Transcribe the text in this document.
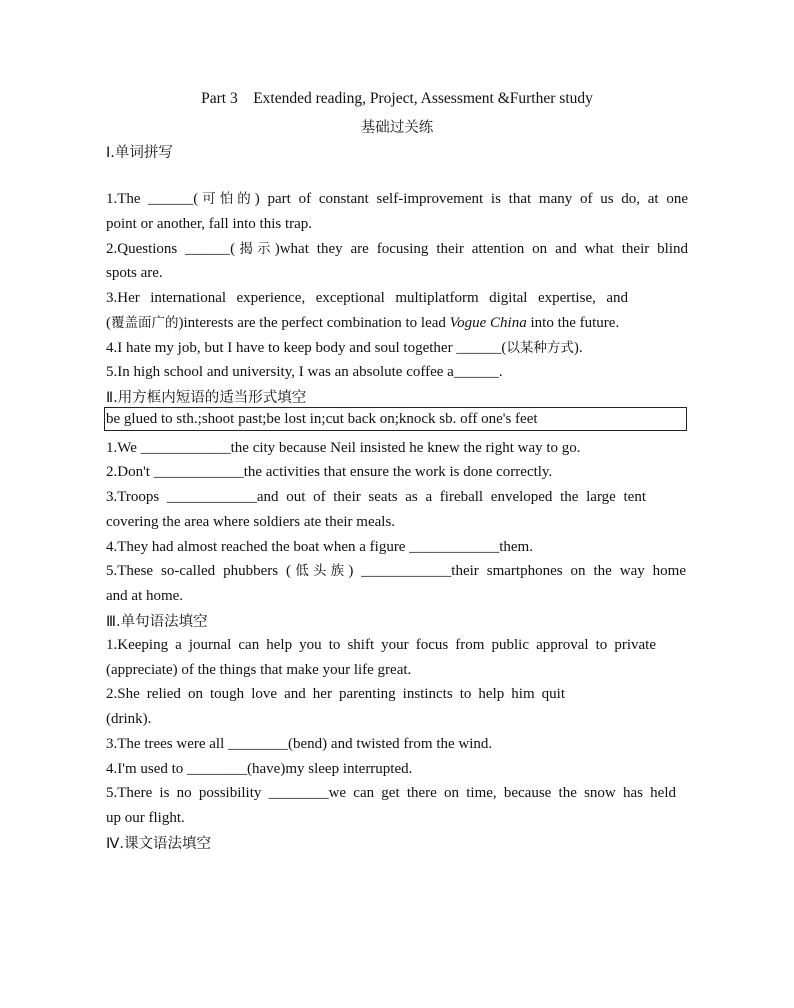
Part 3    Extended reading, Project, Assessment &Further study
基础过关练
Ⅰ.单词拼写
1.The ______(可怕的) part of constant self-improvement is that many of us do, at one
point or another, fall into this trap.
2.Questions ______(揭示)what they are focusing their attention on and what their blind
spots are.
3.Her international experience, exceptional multiplatform digital expertise, and
(覆盖面广的)interests are the perfect combination to lead Vogue China into the future.
4.I hate my job, but I have to keep body and soul together ______(以某种方式).
5.In high school and university, I was an absolute coffee a______.
Ⅱ.用方框内短语的适当形式填空
be glued to sth.;shoot past;be lost in;cut back on;knock sb. off one's feet
1.We ____________the city because Neil insisted he knew the right way to go.
2.Don't ____________the activities that ensure the work is done correctly.
3.Troops ____________and out of their seats as a fireball enveloped the large tent
covering the area where soldiers ate their meals.
4.They had almost reached the boat when a figure ____________them.
5.These so-called phubbers (低头族) ____________their smartphones on the way home
and at home.
Ⅲ.单句语法填空
1.Keeping a journal can help you to shift your focus from public approval to private
(appreciate) of the things that make your life great.
2.She relied on tough love and her parenting instincts to help him quit
(drink).
3.The trees were all ________(bend) and twisted from the wind.
4.I'm used to ________(have)my sleep interrupted.
5.There is no possibility ________we can get there on time, because the snow has held
up our flight.
Ⅳ.课文语法填空
